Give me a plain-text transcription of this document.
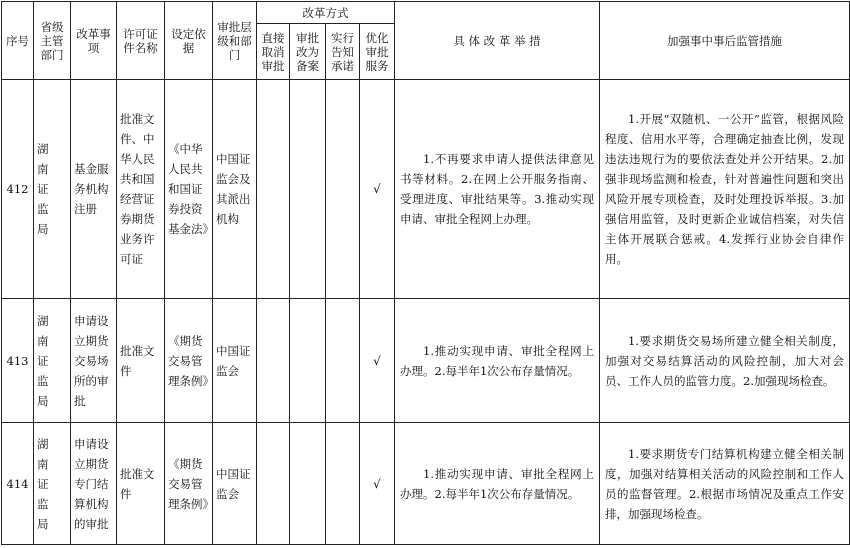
序号	省级主管部门	改革事项	许可证件名称	设定依据	审批层级和部门	改革方式				具 体 改 革 举 措	加强事中事后监管措施
						直接取消审批	审批改为备案	实行告知承诺	优化审批服务		
412	湖南证监局	基金服务机构注册	批准文件、中华人民共和国经营证券期货业务许可证	《中华人民共和国证券投资基金法》	中国证监会及其派出机构				√	1.不再要求申请人提供法律意见书等材料。2.在网上公开服务指南、受理进度、审批结果等。3.推动实现申请、审批全程网上办理。	1.开展“双随机、一公开”监管，根据风险程度、信用水平等，合理确定抽查比例，发现违法违规行为的要依法查处并公开结果。2.加强非现场监测和检查，针对普遍性问题和突出风险开展专项检查，及时处理投诉举报。3.加强信用监管，及时更新企业诚信档案，对失信主体开展联合惩戒。4.发挥行业协会自律作用。
413	湖南证监局	申请设立期货交易场所的审批	批准文件	《期货交易管理条例》	中国证监会				√	1.推动实现申请、审批全程网上办理。2.每半年1次公布存量情况。	1.要求期货交易场所建立健全相关制度，加强对交易结算活动的风险控制，加大对会员、工作人员的监管力度。2.加强现场检查。
414	湖南证监局	申请设立期货专门结算机构的审批	批准文件	《期货交易管理条例》	中国证监会				√	1.推动实现申请、审批全程网上办理。2.每半年1次公布存量情况。	1.要求期货专门结算机构建立健全相关制度，加强对结算相关活动的风险控制和工作人员的监督管理。2.根据市场情况及重点工作安排，加强现场检查。
